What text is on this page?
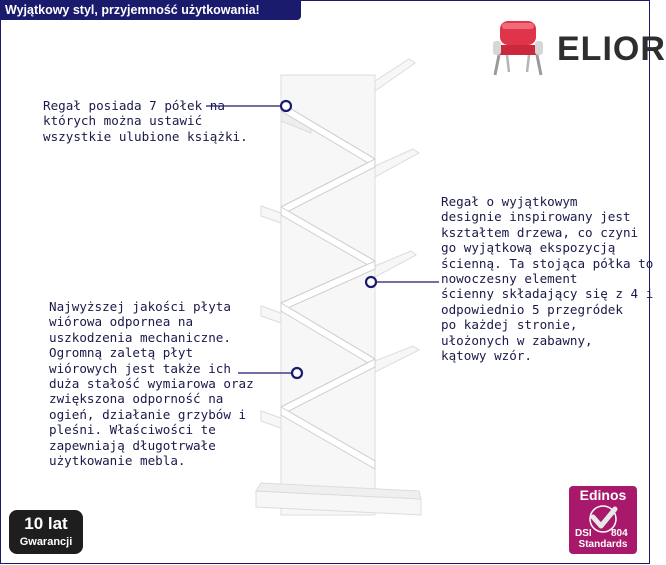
Wyjątkowy styl, przyjemność użytkowania!
ELIOR
Regał posiada 7 półek na
których można ustawić
wszystkie ulubione książki.
Regał o wyjątkowym
designie inspirowany jest
kształtem drzewa, co czyni
go wyjątkową ekspozycją
ścienną. Ta stojąca półka to
nowoczesny element
ścienny składający się z 4 i
odpowiednio 5 przegródek
po każdej stronie,
ułożonych w zabawny,
kątowy wzór.
Najwyższej jakości płyta
wiórowa odpornea na
uszkodzenia mechaniczne.
Ogromną zaletą płyt
wiórowych jest także ich
duża stałość wymiarowa oraz
zwiększona odporność na
ogień, działanie grzybów i
pleśni. Właściwości te
zapewniają długotrwałe
użytkowanie mebla.
10 lat
Gwarancji
Edinos
DSI 804
Standards
